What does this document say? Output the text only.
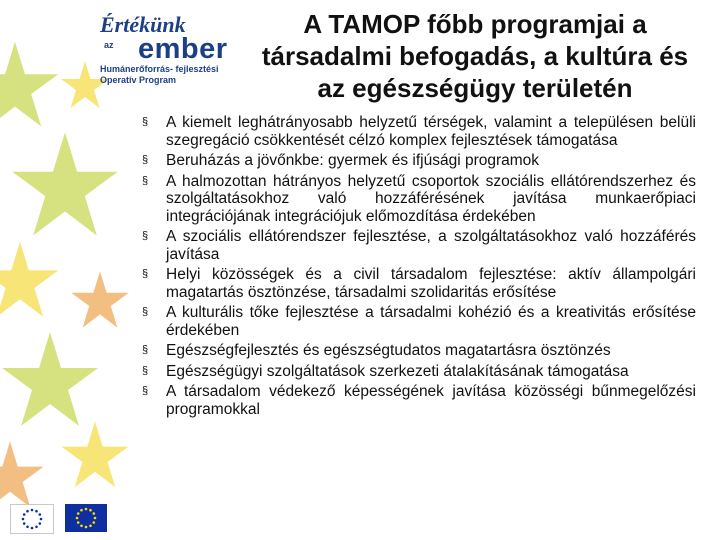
Értékünk
az ember
Humánerőforrás- fejlesztési
Operatív Program
A TAMOP főbb programjai a
társadalmi befogadás, a kultúra és
az egészségügy területén
§ A kiemelt leghátrányosabb helyzetű térségek, valamint a településen belüli szegregáció csökkentését célzó komplex fejlesztések támogatása
§ Beruházás a jövőnkbe: gyermek és ifjúsági programok
§ A halmozottan hátrányos helyzetű csoportok szociális ellátórendszerhez és szolgáltatásokhoz való hozzáférésének javítása munkaerőpiaci integrációjának integrációjuk előmozdítása érdekében
§ A szociális ellátórendszer fejlesztése, a szolgáltatásokhoz való hozzáférés javítása
§ Helyi közösségek és a civil társadalom fejlesztése: aktív állampolgári magatartás ösztönzése, társadalmi szolidaritás erősítése
§ A kulturális tőke fejlesztése a társadalmi kohézió és a kreativitás erősítése érdekében
§ Egészségfejlesztés és egészségtudatos magatartásra ösztönzés
§ Egészségügyi szolgáltatások szerkezeti átalakításának támogatása
§ A társadalom védekező képességének javítása közösségi bűnmegelőzési programokkal
